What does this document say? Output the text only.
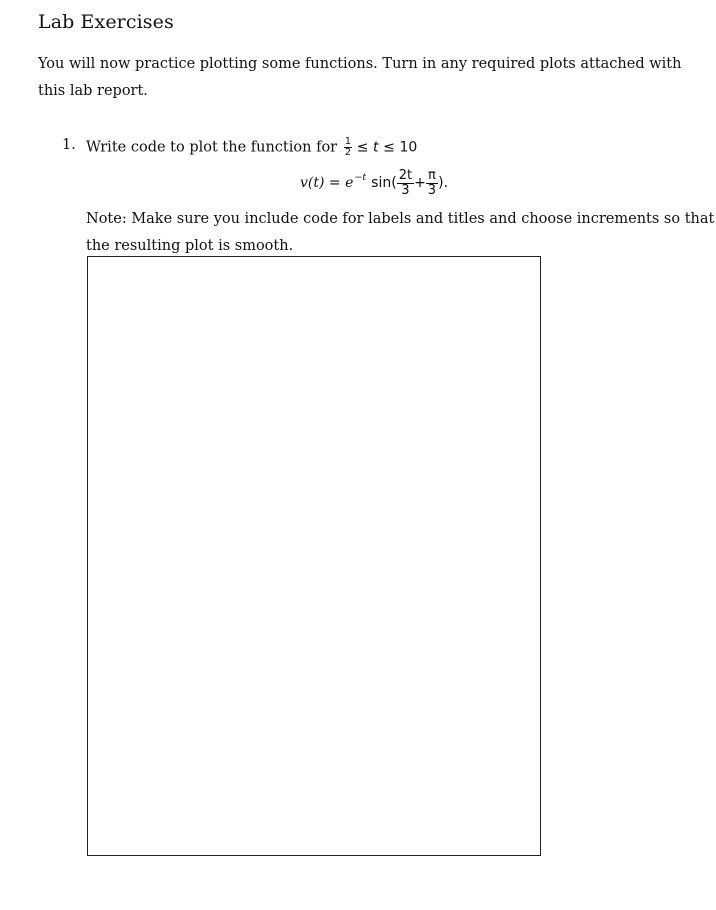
Lab Exercises
You will now practice plotting some functions. Turn in any required plots attached with
this lab report.
1. Write code to plot the function for $\frac{1}{2} \le t \le 10$
v(t) = e −t $\sin( \frac{2t}{3} + \frac{\pi}{3}$ ).
Note: Make sure you include code for labels and titles and choose increments so that
the resulting plot is smooth.
